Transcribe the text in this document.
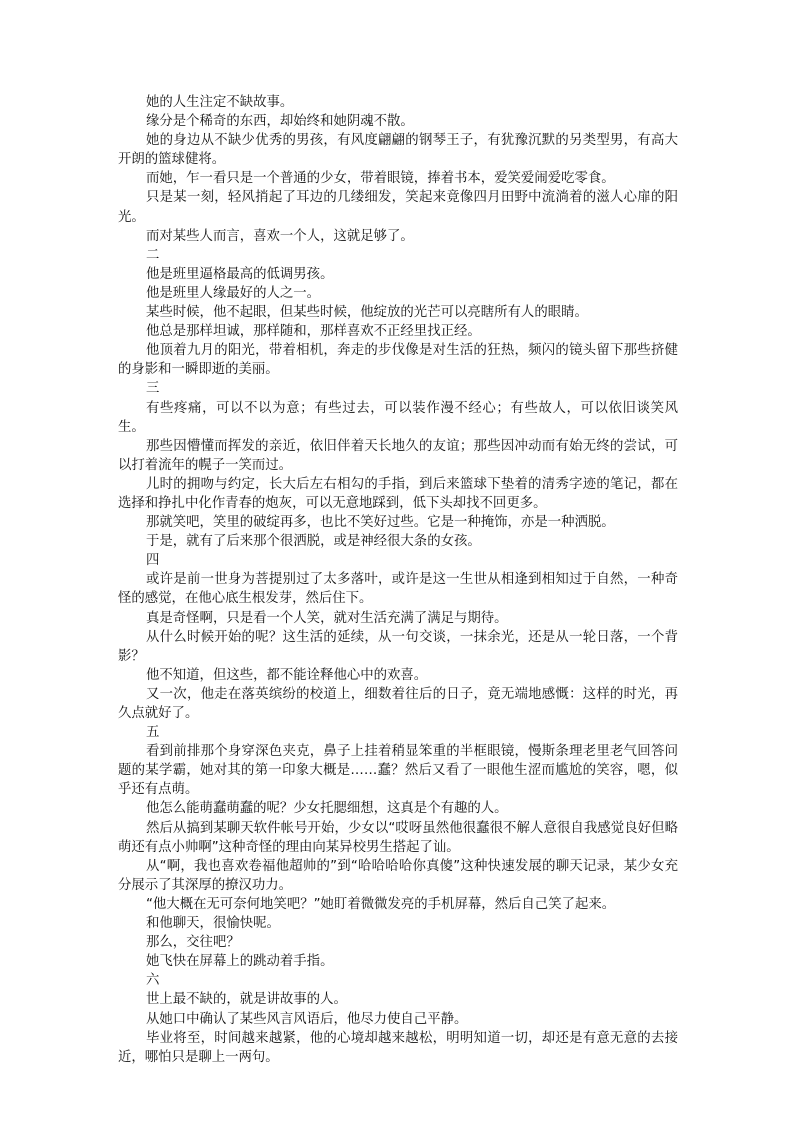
她的人生注定不缺故事。

缘分是个稀奇的东西，却始终和她阴魂不散。

她的身边从不缺少优秀的男孩，有风度翩翩的钢琴王子，有犹豫沉默的另类型男，有高大开朗的篮球健将。

而她，乍一看只是一个普通的少女，带着眼镜，捧着书本，爱笑爱闹爱吃零食。

只是某一刻，轻风捎起了耳边的几缕细发，笑起来竟像四月田野中流淌着的滋人心扉的阳光。

而对某些人而言，喜欢一个人，这就足够了。

二

他是班里逼格最高的低调男孩。

他是班里人缘最好的人之一。

某些时候，他不起眼，但某些时候，他绽放的光芒可以亮瞎所有人的眼睛。

他总是那样坦诚，那样随和，那样喜欢不正经里找正经。

他顶着九月的阳光，带着相机，奔走的步伐像是对生活的狂热，频闪的镜头留下那些挤健的身影和一瞬即逝的美丽。

三

有些疼痛，可以不以为意；有些过去，可以装作漫不经心；有些故人，可以依旧谈笑风生。

那些因懵懂而挥发的亲近，依旧伴着天长地久的友谊；那些因冲动而有始无终的尝试，可以打着流年的幌子一笑而过。

儿时的拥吻与约定，长大后左右相勾的手指，到后来篮球下垫着的清秀字迹的笔记，都在选择和挣扎中化作青春的炮灰，可以无意地踩到，低下头却找不回更多。

那就笑吧，笑里的破绽再多，也比不笑好过些。它是一种掩饰，亦是一种洒脱。

于是，就有了后来那个很洒脱，或是神经很大条的女孩。

四

或许是前一世身为菩提别过了太多落叶，或许是这一生世从相逢到相知过于自然，一种奇怪的感觉，在他心底生根发芽，然后住下。

真是奇怪啊，只是看一个人笑，就对生活充满了满足与期待。

从什么时候开始的呢？这生活的延续，从一句交谈，一抹余光，还是从一轮日落，一个背影？

他不知道，但这些，都不能诠释他心中的欢喜。

又一次，他走在落英缤纷的校道上，细数着往后的日子，竟无端地感慨：这样的时光，再久点就好了。

五

看到前排那个身穿深色夹克，鼻子上挂着稍显笨重的半框眼镜，慢斯条理老里老气回答问题的某学霸，她对其的第一印象大概是……蠢？然后又看了一眼他生涩而尴尬的笑容，嗯，似乎还有点萌。

他怎么能萌蠢萌蠢的呢？少女托腮细想，这真是个有趣的人。

然后从搞到某聊天软件帐号开始，少女以“哎呀虽然他很蠢很不解人意很自我感觉良好但略萌还有点小帅啊”这种奇怪的理由向某异校男生搭起了讪。

从“啊，我也喜欢卷福他超帅的”到“哈哈哈哈你真傻”这种快速发展的聊天记录，某少女充分展示了其深厚的撩汉功力。

“他大概在无可奈何地笑吧？”她盯着微微发亮的手机屏幕，然后自己笑了起来。

和他聊天，很愉快呢。

那么，交往吧？

她飞快在屏幕上的跳动着手指。

六

世上最不缺的，就是讲故事的人。

从她口中确认了某些风言风语后，他尽力使自己平静。

毕业将至，时间越来越紧，他的心境却越来越松，明明知道一切，却还是有意无意的去接近，哪怕只是聊上一两句。
